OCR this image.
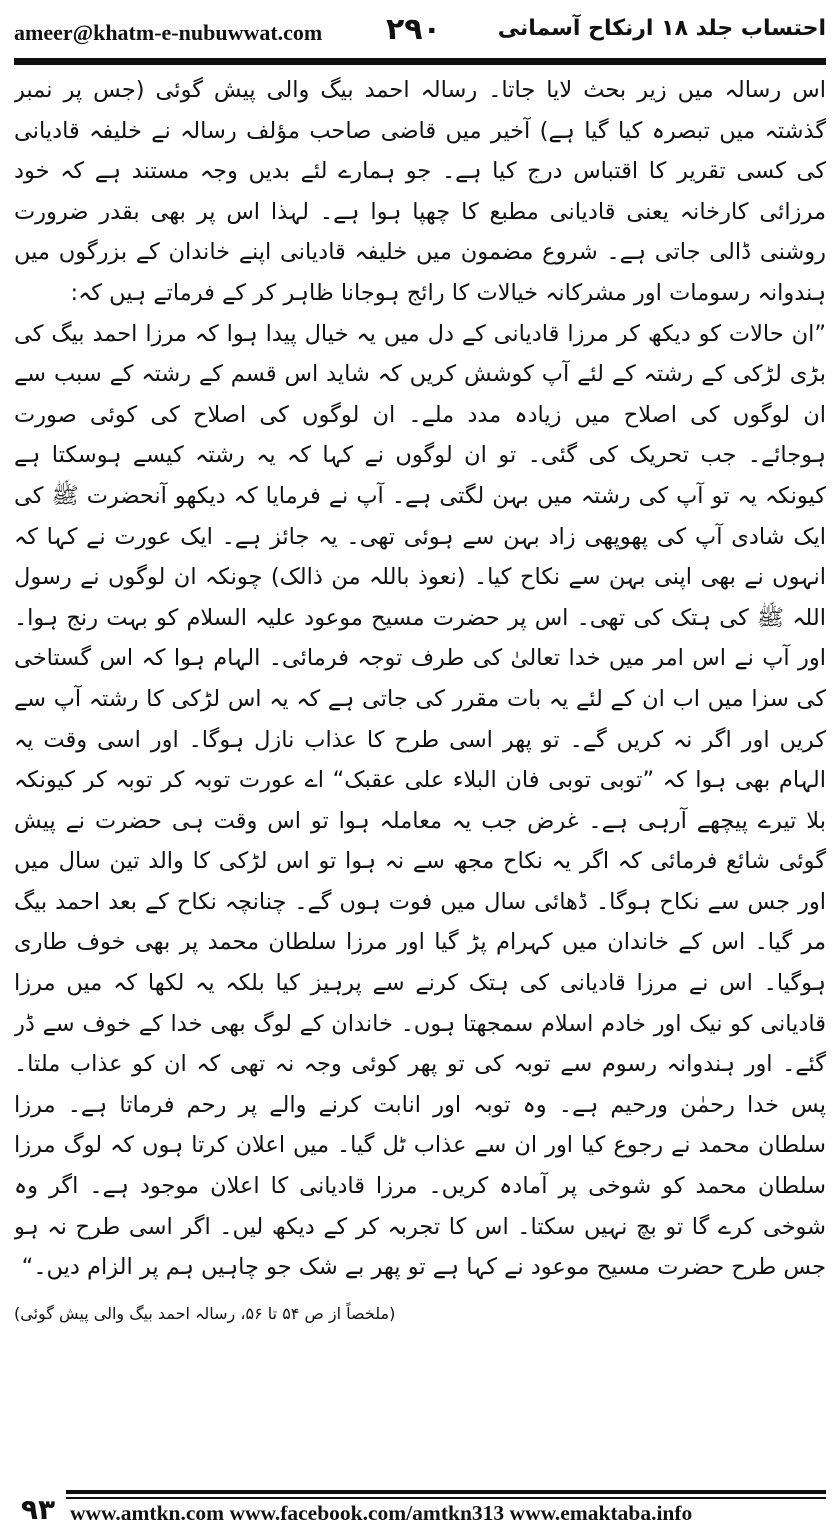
ameer@khatm-e-nubuwwat.com ۲۹۰	احتساب جلد ۱۸ ارنکاح آسمانی

اس رسالہ میں زیر بحث لایا جاتا۔ رسالہ احمد بیگ والی پیش گوئی (جس پر نمبر گذشتہ میں تبصرہ کیا گیا ہے) آخیر میں قاضی صاحب مؤلف رسالہ نے خلیفہ قادیانی کی کسی تقریر کا اقتباس درج کیا ہے۔ جو ہمارے لئے بدیں وجہ مستند ہے کہ خود مرزائی کارخانہ یعنی قادیانی مطبع کا چھپا ہوا ہے۔ لہذا اس پر بھی بقدر ضرورت روشنی ڈالی جاتی ہے۔ شروع مضمون میں خلیفہ قادیانی اپنے خاندان کے بزرگوں میں ہندوانہ رسومات اور مشرکانہ خیالات کا رائج ہوجانا ظاہر کر کے فرماتے ہیں کہ:

”ان حالات کو دیکھ کر مرزا قادیانی کے دل میں یہ خیال پیدا ہوا کہ مرزا احمد بیگ کی بڑی لڑکی کے رشتہ کے لئے آپ کوشش کریں کہ شاید اس قسم کے رشتہ کے سبب سے ان لوگوں کی اصلاح میں زیادہ مدد ملے۔ ان لوگوں کی اصلاح کی کوئی صورت ہوجائے۔ جب تحریک کی گئی۔ تو ان لوگوں نے کہا کہ یہ رشتہ کیسے ہوسکتا ہے کیونکہ یہ تو آپ کی رشتہ میں بہن لگتی ہے۔ آپ نے فرمایا کہ دیکھو آنحضرت ﷺ کی ایک شادی آپ کی پھوپھی زاد بہن سے ہوئی تھی۔ یہ جائز ہے۔ ایک عورت نے کہا کہ انہوں نے بھی اپنی بہن سے نکاح کیا۔ (نعوذ باللہ من ذالک) چونکہ ان لوگوں نے رسول اللہ ﷺ کی ہتک کی تھی۔ اس پر حضرت مسیح موعود علیہ السلام کو بہت رنج ہوا۔ اور آپ نے اس امر میں خدا تعالیٰ کی طرف توجہ فرمائی۔ الہام ہوا کہ اس گستاخی کی سزا میں اب ان کے لئے یہ بات مقرر کی جاتی ہے کہ یہ اس لڑکی کا رشتہ آپ سے کریں اور اگر نہ کریں گے۔ تو پھر اسی طرح کا عذاب نازل ہوگا۔ اور اسی وقت یہ الہام بھی ہوا کہ ”توبی توبی فان البلاء علی عقبک“ اے عورت توبہ کر توبہ کر کیونکہ بلا تیرے پیچھے آرہی ہے۔ غرض جب یہ معاملہ ہوا تو اس وقت ہی حضرت نے پیش گوئی شائع فرمائی کہ اگر یہ نکاح مجھ سے نہ ہوا تو اس لڑکی کا والد تین سال میں اور جس سے نکاح ہوگا۔ ڈھائی سال میں فوت ہوں گے۔ چنانچہ نکاح کے بعد احمد بیگ مر گیا۔ اس کے خاندان میں کہرام پڑ گیا اور مرزا سلطان محمد پر بھی خوف طاری ہوگیا۔ اس نے مرزا قادیانی کی ہتک کرنے سے پرہیز کیا بلکہ یہ لکھا کہ میں مرزا قادیانی کو نیک اور خادم اسلام سمجھتا ہوں۔ خاندان کے لوگ بھی خدا کے خوف سے ڈر گئے۔ اور ہندوانہ رسوم سے توبہ کی تو پھر کوئی وجہ نہ تھی کہ ان کو عذاب ملتا۔ پس خدا رحمٰن ورحیم ہے۔ وہ توبہ اور انابت کرنے والے پر رحم فرماتا ہے۔ مرزا سلطان محمد نے رجوع کیا اور ان سے عذاب ٹل گیا۔ میں اعلان کرتا ہوں کہ لوگ مرزا سلطان محمد کو شوخی پر آمادہ کریں۔ مرزا قادیانی کا اعلان موجود ہے۔ اگر وہ شوخی کرے گا تو بچ نہیں سکتا۔ اس کا تجربہ کر کے دیکھ لیں۔ اگر اسی طرح نہ ہو جس طرح حضرت مسیح موعود نے کہا ہے تو پھر بے شک جو چاہیں ہم پر الزام دیں۔“

(ملخصاً از ص ۵۴ تا ۵۶، رسالہ احمد بیگ والی پیش گوئی)
۹۳ www.amtkn.com www.facebook.com/amtkn313 www.emaktaba.info
